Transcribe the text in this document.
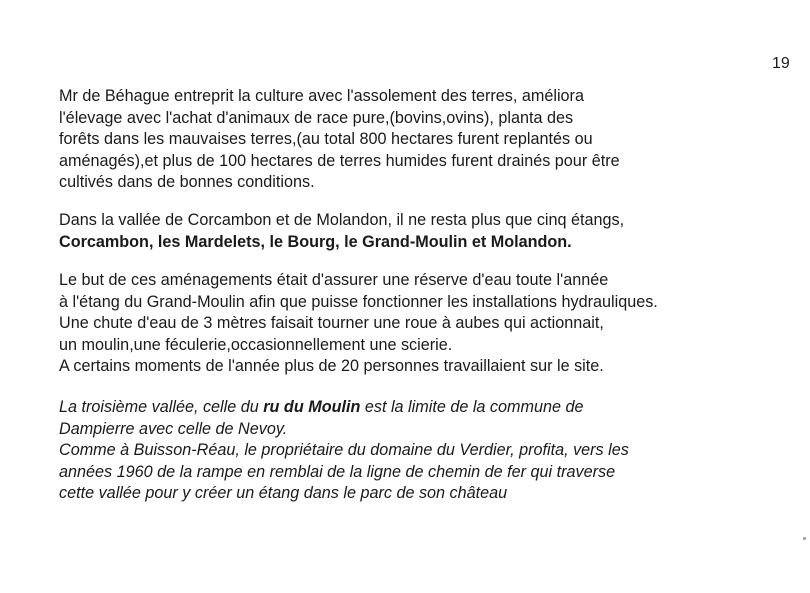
19
Mr de Béhague entreprit la culture avec l'assolement des terres, améliora
l'élevage avec l'achat d'animaux de race pure,(bovins,ovins), planta des
forêts dans les mauvaises terres,(au total 800 hectares furent replantés ou
aménagés),et plus de 100 hectares de terres humides furent drainés pour être
cultivés dans de bonnes conditions.
Dans la vallée de Corcambon et de Molandon, il ne resta plus que cinq étangs,
Corcambon, les Mardelets, le Bourg, le Grand-Moulin et Molandon.
Le but de ces aménagements était d'assurer une réserve d'eau toute l'année
à l'étang du Grand-Moulin afin que puisse fonctionner les installations hydrauliques.
Une chute d'eau de 3 mètres faisait tourner une roue à aubes qui actionnait,
un moulin,une féculerie,occasionnellement une scierie.
A certains moments de l'année plus de 20 personnes travaillaient sur le site.
La troisième vallée, celle du ru du Moulin est la limite de la commune de
Dampierre avec celle de Nevoy.
Comme à Buisson-Réau, le propriétaire du domaine du Verdier, profita, vers les
années 1960 de la rampe en remblai de la ligne de chemin de fer qui traverse
cette vallée pour y créer un étang dans le parc de son château
